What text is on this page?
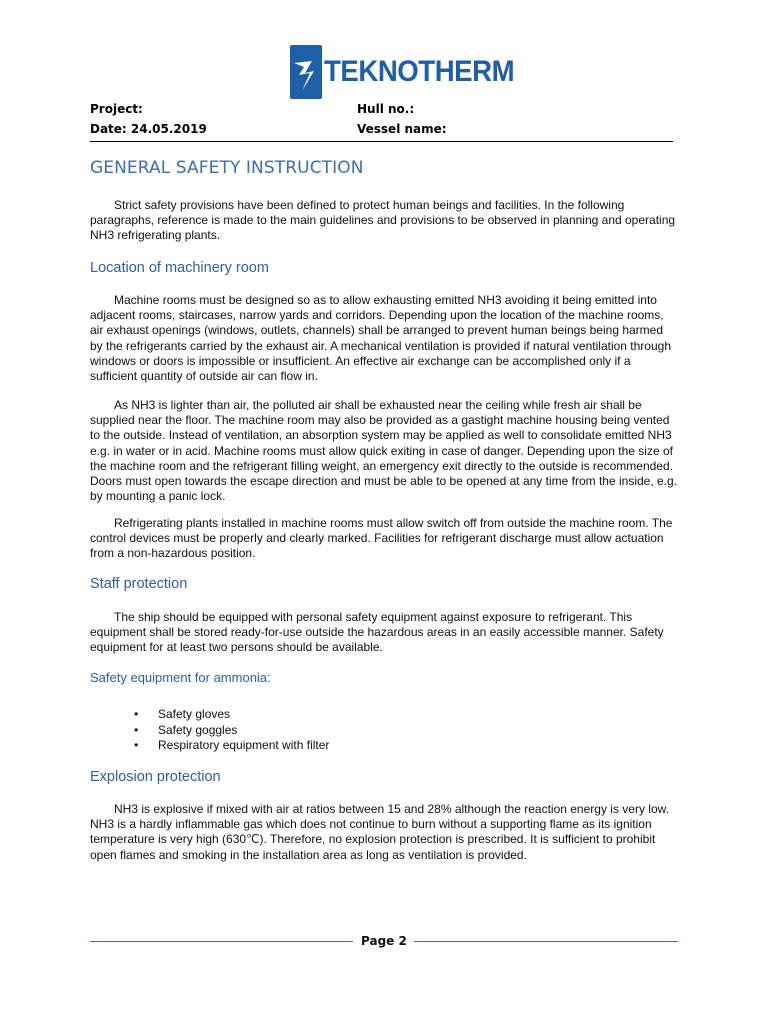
TEKNOTHERM
Project:
Date: 24.05.2019
Hull no.:
Vessel name:
GENERAL SAFETY INSTRUCTION

Strict safety provisions have been defined to protect human beings and facilities. In the following paragraphs, reference is made to the main guidelines and provisions to be observed in planning and operating NH3 refrigerating plants.

Location of machinery room

Machine rooms must be designed so as to allow exhausting emitted NH3 avoiding it being emitted into adjacent rooms, staircases, narrow yards and corridors. Depending upon the location of the machine rooms, air exhaust openings (windows, outlets, channels) shall be arranged to prevent human beings being harmed by the refrigerants carried by the exhaust air. A mechanical ventilation is provided if natural ventilation through windows or doors is impossible or insufficient. An effective air exchange can be accomplished only if a sufficient quantity of outside air can flow in.

As NH3 is lighter than air, the polluted air shall be exhausted near the ceiling while fresh air shall be supplied near the floor. The machine room may also be provided as a gastight machine housing being vented to the outside. Instead of ventilation, an absorption system may be applied as well to consolidate emitted NH3 e.g. in water or in acid. Machine rooms must allow quick exiting in case of danger. Depending upon the size of the machine room and the refrigerant filling weight, an emergency exit directly to the outside is recommended. Doors must open towards the escape direction and must be able to be opened at any time from the inside, e.g. by mounting a panic lock.

Refrigerating plants installed in machine rooms must allow switch off from outside the machine room. The control devices must be properly and clearly marked. Facilities for refrigerant discharge must allow actuation from a non-hazardous position.

Staff protection

The ship should be equipped with personal safety equipment against exposure to refrigerant. This equipment shall be stored ready-for-use outside the hazardous areas in an easily accessible manner. Safety equipment for at least two persons should be available.

Safety equipment for ammonia:
• Safety gloves
• Safety goggles
• Respiratory equipment with filter
Explosion protection

NH3 is explosive if mixed with air at ratios between 15 and 28% although the reaction energy is very low. NH3 is a hardly inflammable gas which does not continue to burn without a supporting flame as its ignition temperature is very high (630℃). Therefore, no explosion protection is prescribed. It is sufficient to prohibit open flames and smoking in the installation area as long as ventilation is provided.

Page 2
